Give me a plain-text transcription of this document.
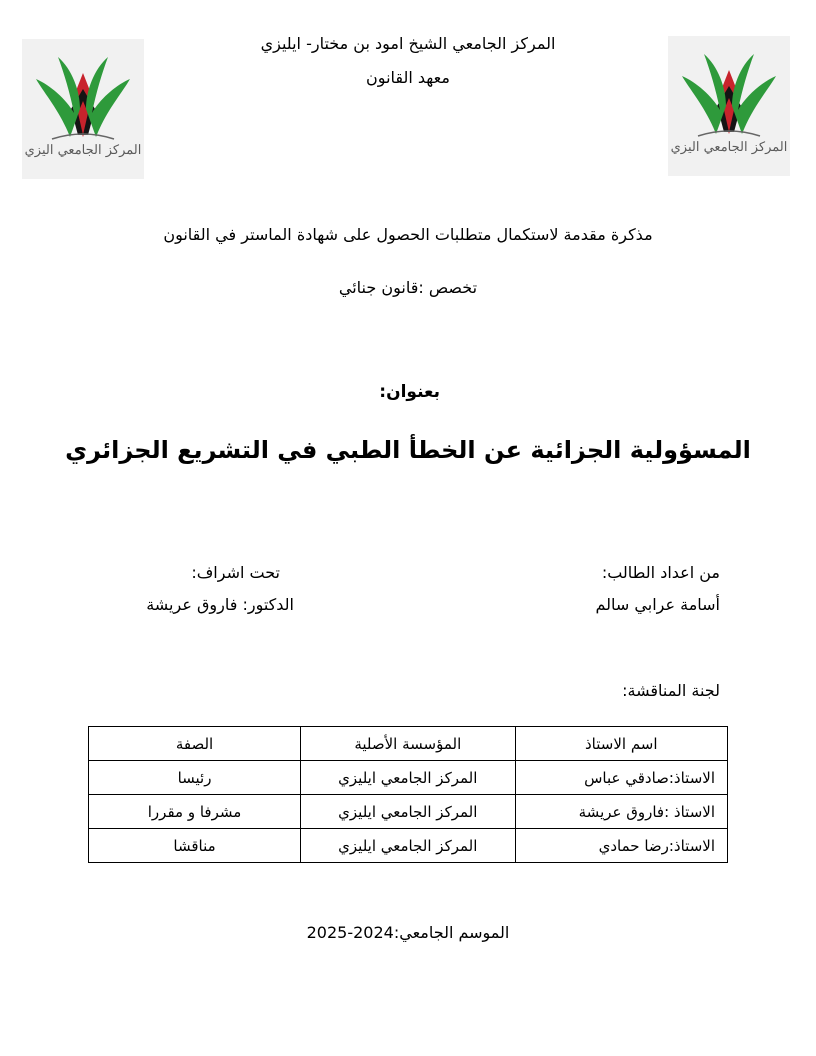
المركز الجامعي اليزي	المركز الجامعي اليزي
المركز الجامعي الشيخ امود بن مختار- ايليزي
معهد القانون
مذكرة مقدمة لاستكمال متطلبات الحصول على شهادة الماستر في القانون
تخصص :قانون جنائي
بعنوان:
المسؤولية الجزائية عن الخطأ الطبي في التشريع الجزائري
من اعداد الطالب:
أسامة عرابي سالم
تحت اشراف:
الدكتور: فاروق عريشة
لجنة المناقشة:
اسم الاستاذ	المؤسسة الأصلية	الصفة
الاستاذ:صادقي عباس	المركز الجامعي ايليزي	رئيسا
الاستاذ :فاروق عريشة	المركز الجامعي ايليزي	مشرفا و مقررا
الاستاذ:رضا حمادي	المركز الجامعي ايليزي	مناقشا
الموسم الجامعي:2024-2025
